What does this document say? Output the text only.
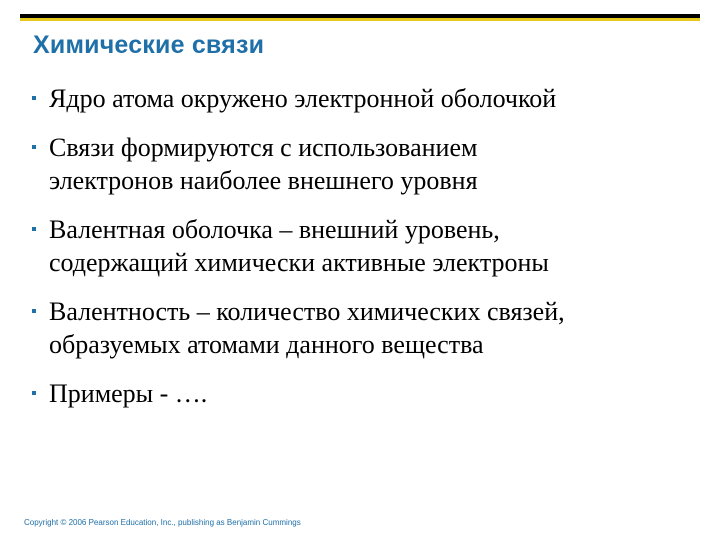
Химические связи
Ядро атома окружено электронной оболочкой
Связи формируются с использованием
электронов наиболее внешнего уровня
Валентная оболочка – внешний уровень,
содержащий химически активные электроны
Валентность – количество химических связей,
образуемых атомами данного вещества
Примеры - ….
Copyright © 2006 Pearson Education, Inc., publishing as Benjamin Cummings
